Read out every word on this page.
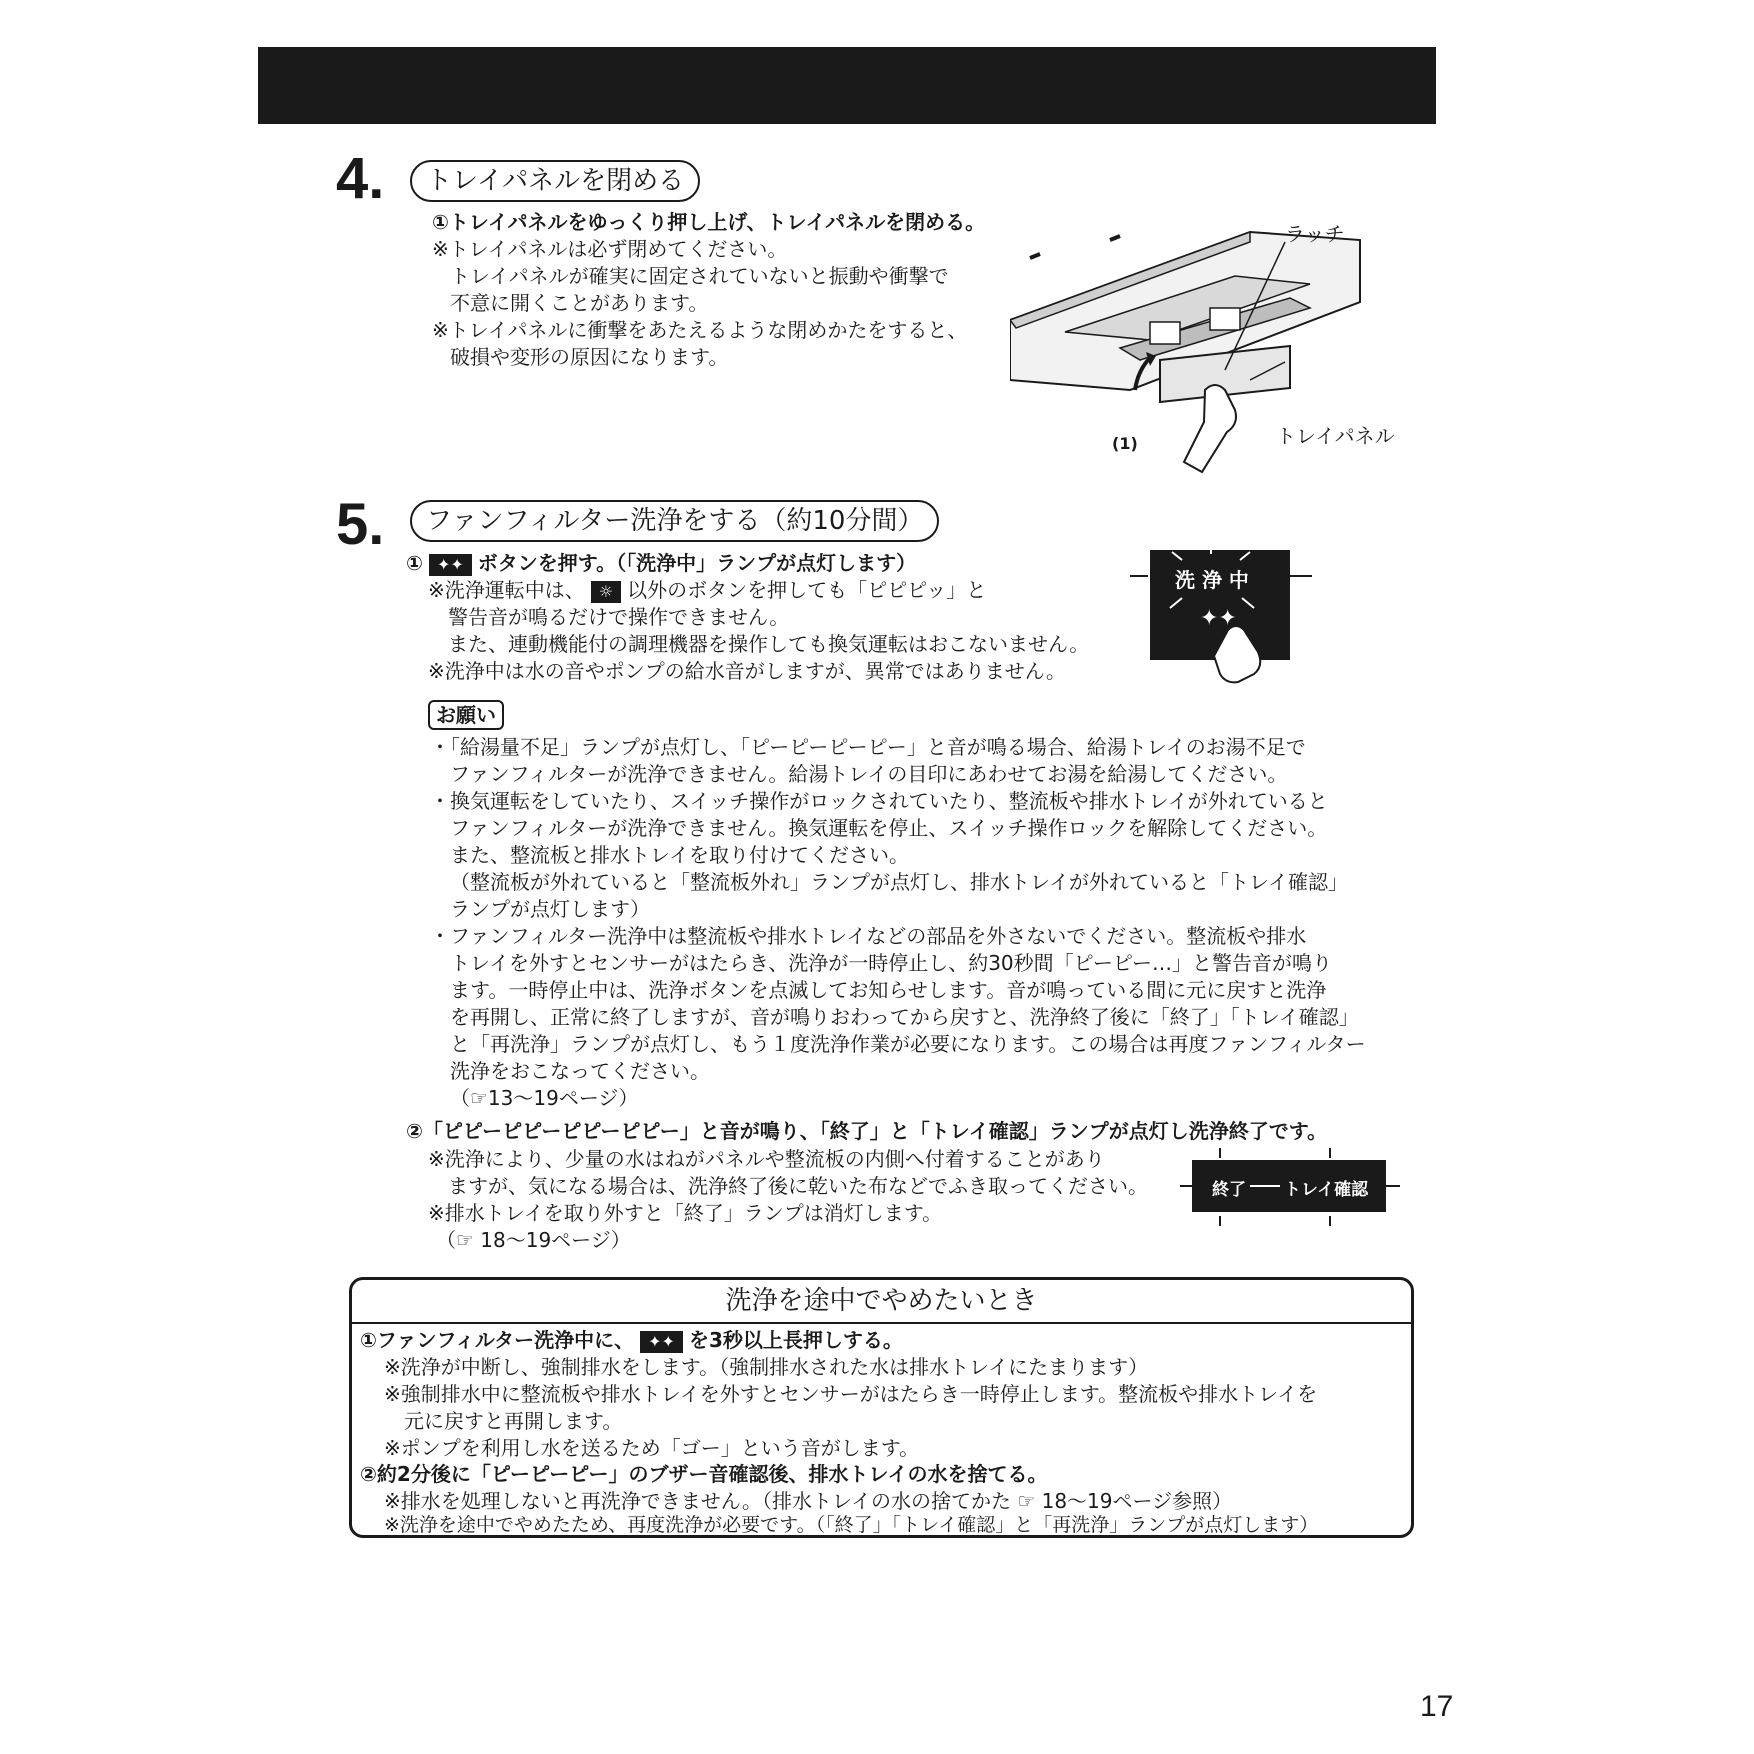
4.	トレイパネルを閉める
①トレイパネルをゆっくり押し上げ、トレイパネルを閉める。
※トレイパネルは必ず閉めてください。
トレイパネルが確実に固定されていないと振動や衝撃で
不意に開くことがあります。
※トレイパネルに衝撃をあたえるような閉めかたをすると、
破損や変形の原因になります。
ラッチ
トレイパネル
(1)
5.	ファンフィルター洗浄をする（約10分間）
① ✦✦ ボタンを押す。（「洗浄中」ランプが点灯します）
※洗浄運転中は、 ☼ 以外のボタンを押しても「ピピピッ」と
警告音が鳴るだけで操作できません。
また、連動機能付の調理機器を操作しても換気運転はおこないません。
※洗浄中は水の音やポンプの給水音がしますが、異常ではありません。
洗 浄 中
✦✦
お願い
・「給湯量不足」ランプが点灯し、「ピーピーピーピー」と音が鳴る場合、給湯トレイのお湯不足で
ファンフィルターが洗浄できません。給湯トレイの目印にあわせてお湯を給湯してください。
・換気運転をしていたり、スイッチ操作がロックされていたり、整流板や排水トレイが外れていると
ファンフィルターが洗浄できません。換気運転を停止、スイッチ操作ロックを解除してください。
また、整流板と排水トレイを取り付けてください。
（整流板が外れていると「整流板外れ」ランプが点灯し、排水トレイが外れていると「トレイ確認」
ランプが点灯します）
・ファンフィルター洗浄中は整流板や排水トレイなどの部品を外さないでください。整流板や排水
トレイを外すとセンサーがはたらき、洗浄が一時停止し、約30秒間「ピーピー…」と警告音が鳴り
ます。一時停止中は、洗浄ボタンを点滅してお知らせします。音が鳴っている間に元に戻すと洗浄
を再開し、正常に終了しますが、音が鳴りおわってから戻すと、洗浄終了後に「終了」「トレイ確認」
と「再洗浄」ランプが点灯し、もう１度洗浄作業が必要になります。この場合は再度ファンフィルター
洗浄をおこなってください。
（☞13～19ページ）
②「ピピーピピーピピーピピー」と音が鳴り、「終了」と「トレイ確認」ランプが点灯し洗浄終了です。
※洗浄により、少量の水はねがパネルや整流板の内側へ付着することがあり
ますが、気になる場合は、洗浄終了後に乾いた布などでふき取ってください。
※排水トレイを取り外すと「終了」ランプは消灯します。
（☞ 18～19ページ）
終了 トレイ確認
洗浄を途中でやめたいとき
①ファンフィルター洗浄中に、 ✦✦ を3秒以上長押しする。
※洗浄が中断し、強制排水をします。（強制排水された水は排水トレイにたまります）
※強制排水中に整流板や排水トレイを外すとセンサーがはたらき一時停止します。整流板や排水トレイを
元に戻すと再開します。
※ポンプを利用し水を送るため「ゴー」という音がします。
②約2分後に「ピーピーピー」のブザー音確認後、排水トレイの水を捨てる。
※排水を処理しないと再洗浄できません。（排水トレイの水の捨てかた ☞ 18～19ページ参照）
※洗浄を途中でやめたため、再度洗浄が必要です。（「終了」「トレイ確認」と「再洗浄」ランプが点灯します）
17
